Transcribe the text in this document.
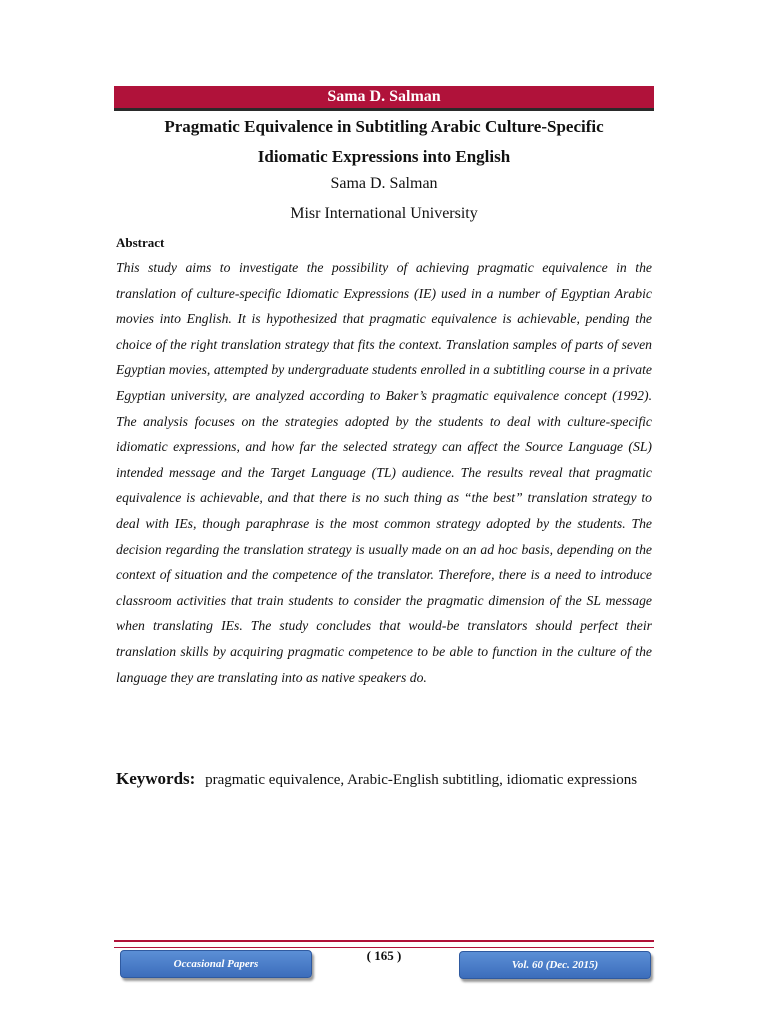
Sama D. Salman
Pragmatic Equivalence in Subtitling Arabic Culture-Specific
Idiomatic Expressions into English
Sama D. Salman
Misr International University
Abstract
This study aims to investigate the possibility of achieving pragmatic equivalence in the translation of culture-specific Idiomatic Expressions (IE) used in a number of Egyptian Arabic movies into English. It is hypothesized that pragmatic equivalence is achievable, pending the choice of the right translation strategy that fits the context. Translation samples of parts of seven Egyptian movies, attempted by undergraduate students enrolled in a subtitling course in a private Egyptian university, are analyzed according to Baker’s pragmatic equivalence concept (1992). The analysis focuses on the strategies adopted by the students to deal with culture-specific idiomatic expressions, and how far the selected strategy can affect the Source Language (SL) intended message and the Target Language (TL) audience. The results reveal that pragmatic equivalence is achievable, and that there is no such thing as “the best” translation strategy to deal with IEs, though paraphrase is the most common strategy adopted by the students. The decision regarding the translation strategy is usually made on an ad hoc basis, depending on the context of situation and the competence of the translator. Therefore, there is a need to introduce classroom activities that train students to consider the pragmatic dimension of the SL message when translating IEs. The study concludes that would-be translators should perfect their translation skills by acquiring pragmatic competence to be able to function in the culture of the language they are translating into as native speakers do.
Keywords: pragmatic equivalence, Arabic-English subtitling, idiomatic expressions
Occasional Papers
( 165 )
Vol. 60 (Dec. 2015)
